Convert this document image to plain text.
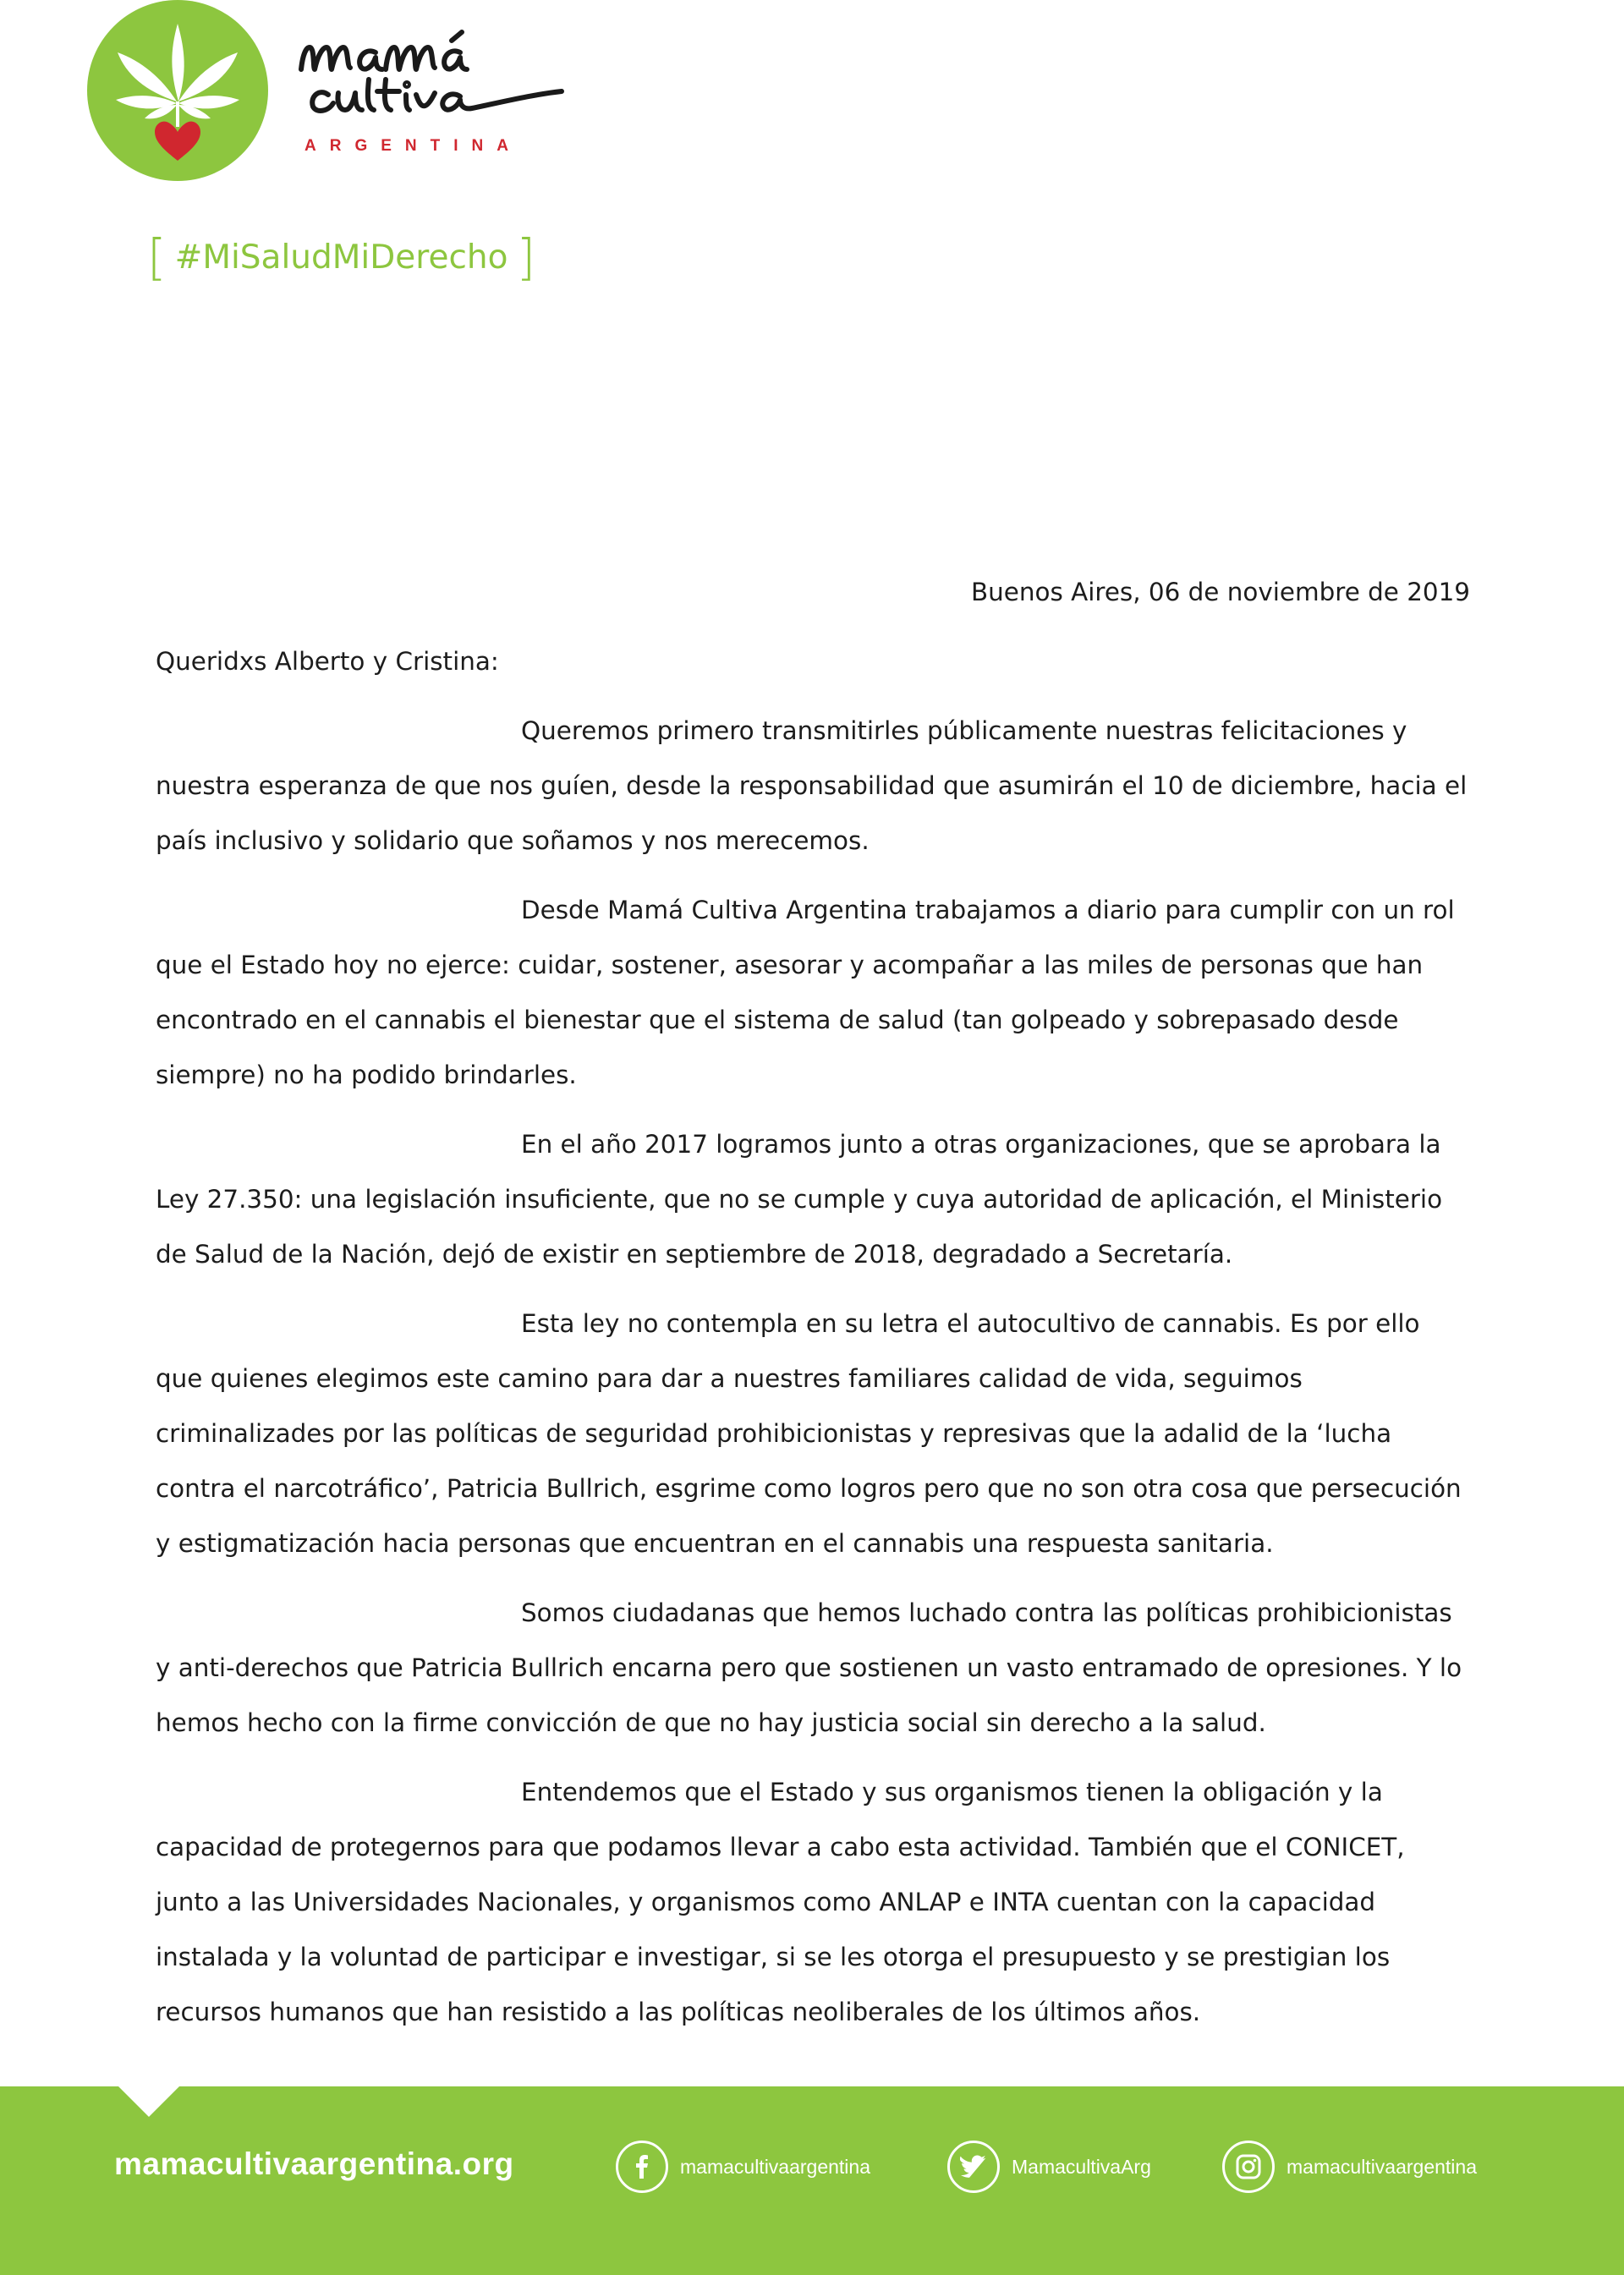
ARGENTINA
[ #MiSaludMiDerecho ]

Buenos Aires, 06 de noviembre de 2019

Queridxs Alberto y Cristina:

Queremos primero transmitirles públicamente nuestras felicitaciones y nuestra esperanza de que nos guíen, desde la responsabilidad que asumirán el 10 de diciembre, hacia el país inclusivo y solidario que soñamos y nos merecemos.

Desde Mamá Cultiva Argentina trabajamos a diario para cumplir con un rol que el Estado hoy no ejerce: cuidar, sostener, asesorar y acompañar a las miles de personas que han encontrado en el cannabis el bienestar que el sistema de salud (tan golpeado y sobrepasado desde siempre) no ha podido brindarles.

En el año 2017 logramos junto a otras organizaciones, que se aprobara la Ley 27.350: una legislación insuficiente, que no se cumple y cuya autoridad de aplicación, el Ministerio de Salud de la Nación, dejó de existir en septiembre de 2018, degradado a Secretaría.

Esta ley no contempla en su letra el autocultivo de cannabis. Es por ello que quienes elegimos este camino para dar a nuestres familiares calidad de vida, seguimos criminalizades por las políticas de seguridad prohibicionistas y represivas que la adalid de la ‘lucha contra el narcotráfico’, Patricia Bullrich, esgrime como logros pero que no son otra cosa que persecución y estigmatización hacia personas que encuentran en el cannabis una respuesta sanitaria.

Somos ciudadanas que hemos luchado contra las políticas prohibicionistas y anti-derechos que Patricia Bullrich encarna pero que sostienen un vasto entramado de opresiones. Y lo hemos hecho con la firme convicción de que no hay justicia social sin derecho a la salud.

Entendemos que el Estado y sus organismos tienen la obligación y la capacidad de protegernos para que podamos llevar a cabo esta actividad. También que el CONICET, junto a las Universidades Nacionales, y organismos como ANLAP e INTA cuentan con la capacidad instalada y la voluntad de participar e investigar, si se les otorga el presupuesto y se prestigian los recursos humanos que han resistido a las políticas neoliberales de los últimos años.

mamacultivaargentina.org	mamacultivaargentina	MamacultivaArg	mamacultivaargentina
